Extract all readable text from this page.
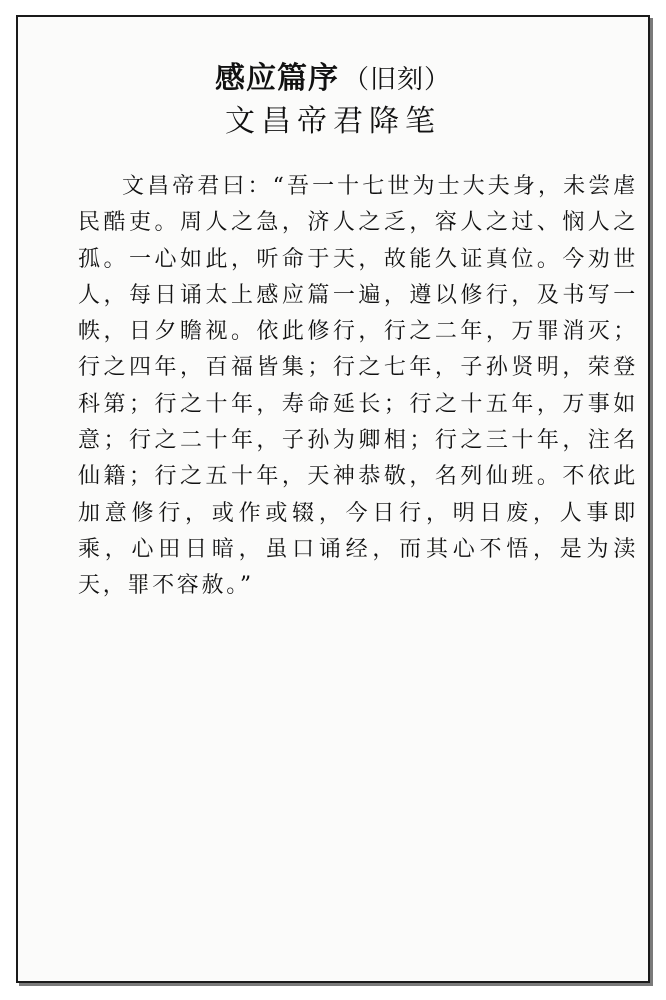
感应篇序 （旧刻）
文昌帝君降笔
文昌帝君曰：“吾一十七世为士大夫身，未尝虐民酷吏。周人之急，济人之乏，容人之过、悯人之孤。一心如此，听命于天，故能久证真位。今劝世人，每日诵太上感应篇一遍，遵以修行，及书写一帙，日夕瞻视。依此修行，行之二年，万罪消灭；行之四年，百福皆集；行之七年，子孙贤明，荣登科第；行之十年，寿命延长；行之十五年，万事如意；行之二十年，子孙为卿相；行之三十年，注名仙籍；行之五十年，天神恭敬，名列仙班。不依此加意修行，或作或辍，今日行，明日废，人事即乘，心田日暗，虽口诵经，而其心不悟，是为渎天，罪不容赦。”
